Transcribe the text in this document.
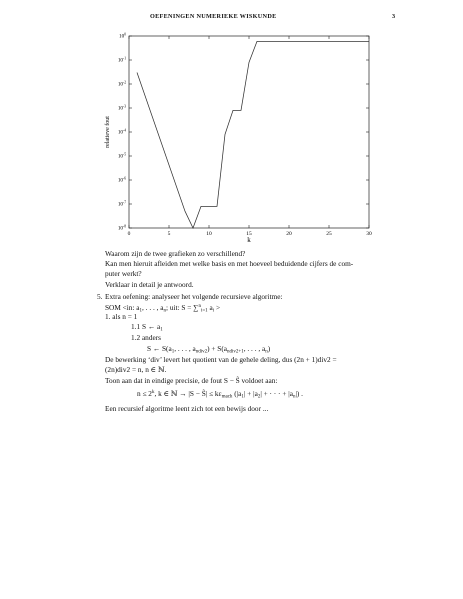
OEFENINGEN NUMERIEKE WISKUNDE	3
$10^0$
$10^{-1}$
$10^{-2}$
$10^{-3}$
$10^{-4}$
$10^{-5}$
$10^{-6}$
$10^{-7}$
$10^{-8}$
0	5	10	15	20	25	30
k
relatieve fout
Waarom zijn de twee grafieken zo verschillend?
Kan men hieruit afleiden met welke basis en met hoeveel beduidende cijfers de com-
puter werkt?
Verklaar in detail je antwoord.
5. Extra oefening: analyseer het volgende recursieve algoritme:
SOM <in: $a_1$, . . . , $a_n$; uit: S = ∑$^n_{i=1}$ $a_i$ >
1. als n = 1
1.1 S ← $a_1$
1.2 anders
S ← $S(a_1$, . . . , $a_{ndiv2}) + S(a_{ndiv2+1}$, . . . , $a_n$)
De bewerking ‘div’ levert het quotient van de gehele deling, dus (2n + 1)div2 =
(2n)div2 = n, n ∈ ℕ.
Toon aan dat in eindige precisie, de fout S − S̃ voldoet aan:
$n \le 2^k$, k ∈ ℕ → |S − S̃| ≤ $k\varepsilon_{mach}$ ($|a_1| + |a_2|$ + · · · + $|a_n|$) .
Een recursief algoritme leent zich tot een bewijs door ...
